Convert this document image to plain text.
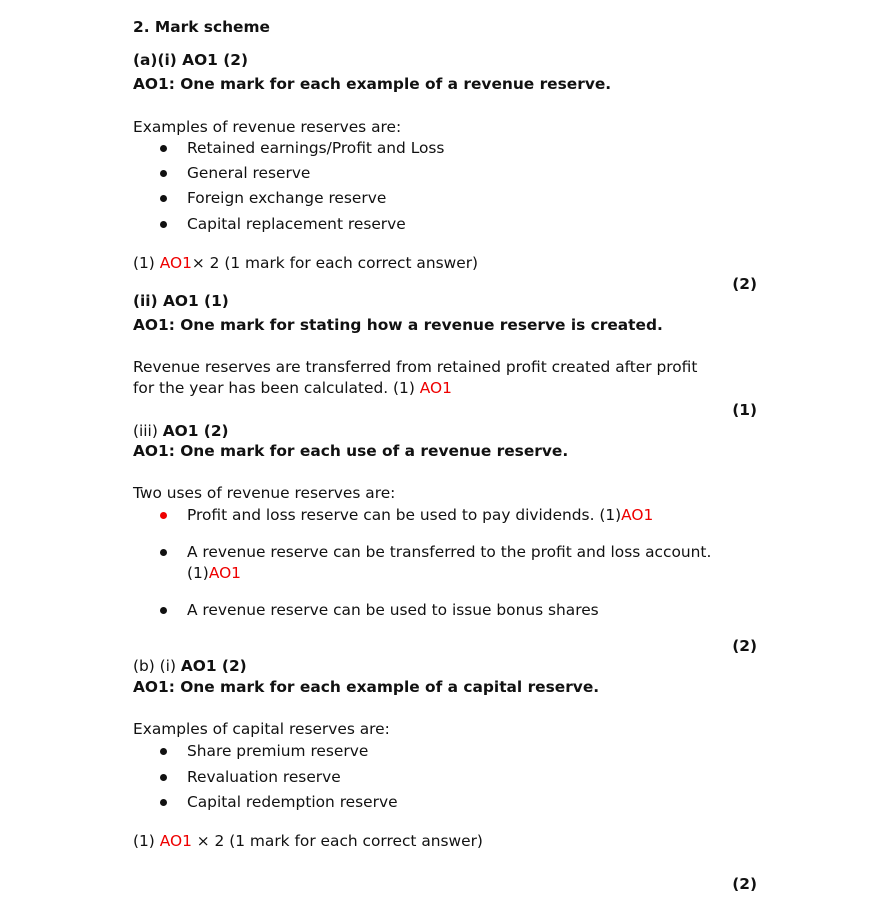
2. Mark scheme
(a)(i) AO1 (2)
AO1: One mark for each example of a revenue reserve.
Examples of revenue reserves are:
Retained earnings/Profit and Loss
General reserve
Foreign exchange reserve
Capital replacement reserve
(1) AO1× 2 (1 mark for each correct answer)
(2)
(ii) AO1 (1)
AO1: One mark for stating how a revenue reserve is created.
Revenue reserves are transferred from retained profit created after profit
for the year has been calculated. (1) AO1
(1)
(iii) AO1 (2)
AO1: One mark for each use of a revenue reserve.
Two uses of revenue reserves are:
Profit and loss reserve can be used to pay dividends. (1)AO1
A revenue reserve can be transferred to the profit and loss account.
(1)AO1
A revenue reserve can be used to issue bonus shares
(2)
(b) (i) AO1 (2)
AO1: One mark for each example of a capital reserve.
Examples of capital reserves are:
Share premium reserve
Revaluation reserve
Capital redemption reserve
(1) AO1 × 2 (1 mark for each correct answer)
(2)
